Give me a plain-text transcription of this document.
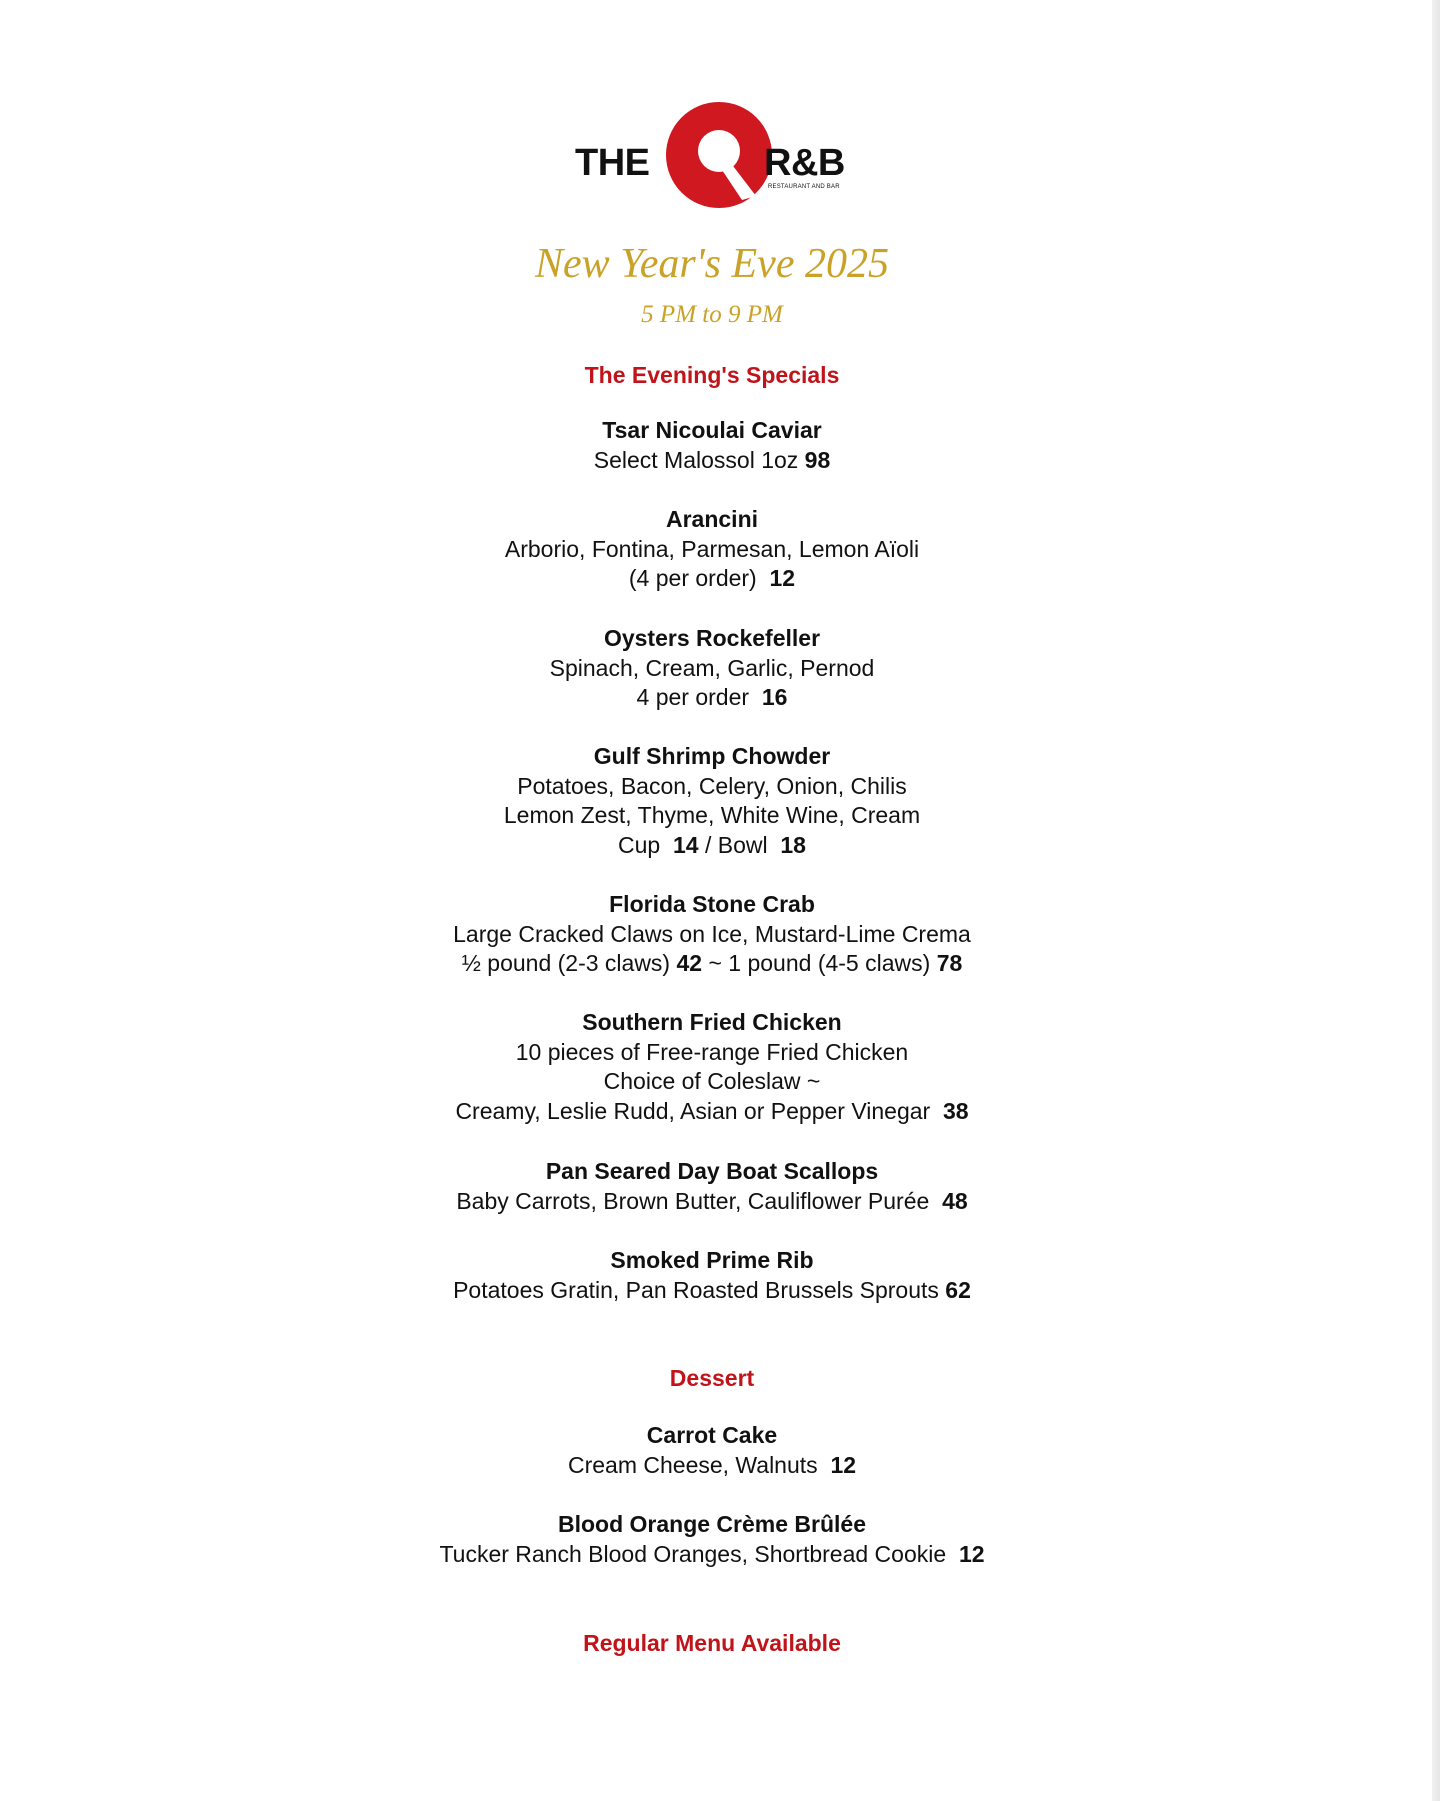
THE	R&B
RESTAURANT AND BAR
New Year's Eve 2025
5 PM to 9 PM
The Evening's Specials
Tsar Nicoulai Caviar
Select Malossol 1oz 98
Arancini
Arborio, Fontina, Parmesan, Lemon Aïoli
(4 per order) 12
Oysters Rockefeller
Spinach, Cream, Garlic, Pernod
4 per order 16
Gulf Shrimp Chowder
Potatoes, Bacon, Celery, Onion, Chilis
Lemon Zest, Thyme, White Wine, Cream
Cup 14 / Bowl 18
Florida Stone Crab
Large Cracked Claws on Ice, Mustard-Lime Crema
½ pound (2-3 claws) 42 ~ 1 pound (4-5 claws) 78
Southern Fried Chicken
10 pieces of Free-range Fried Chicken
Choice of Coleslaw ~
Creamy, Leslie Rudd, Asian or Pepper Vinegar 38
Pan Seared Day Boat Scallops
Baby Carrots, Brown Butter, Cauliflower Purée 48
Smoked Prime Rib
Potatoes Gratin, Pan Roasted Brussels Sprouts 62
Dessert
Carrot Cake
Cream Cheese, Walnuts 12
Blood Orange Crème Brûlée
Tucker Ranch Blood Oranges, Shortbread Cookie 12
Regular Menu Available
